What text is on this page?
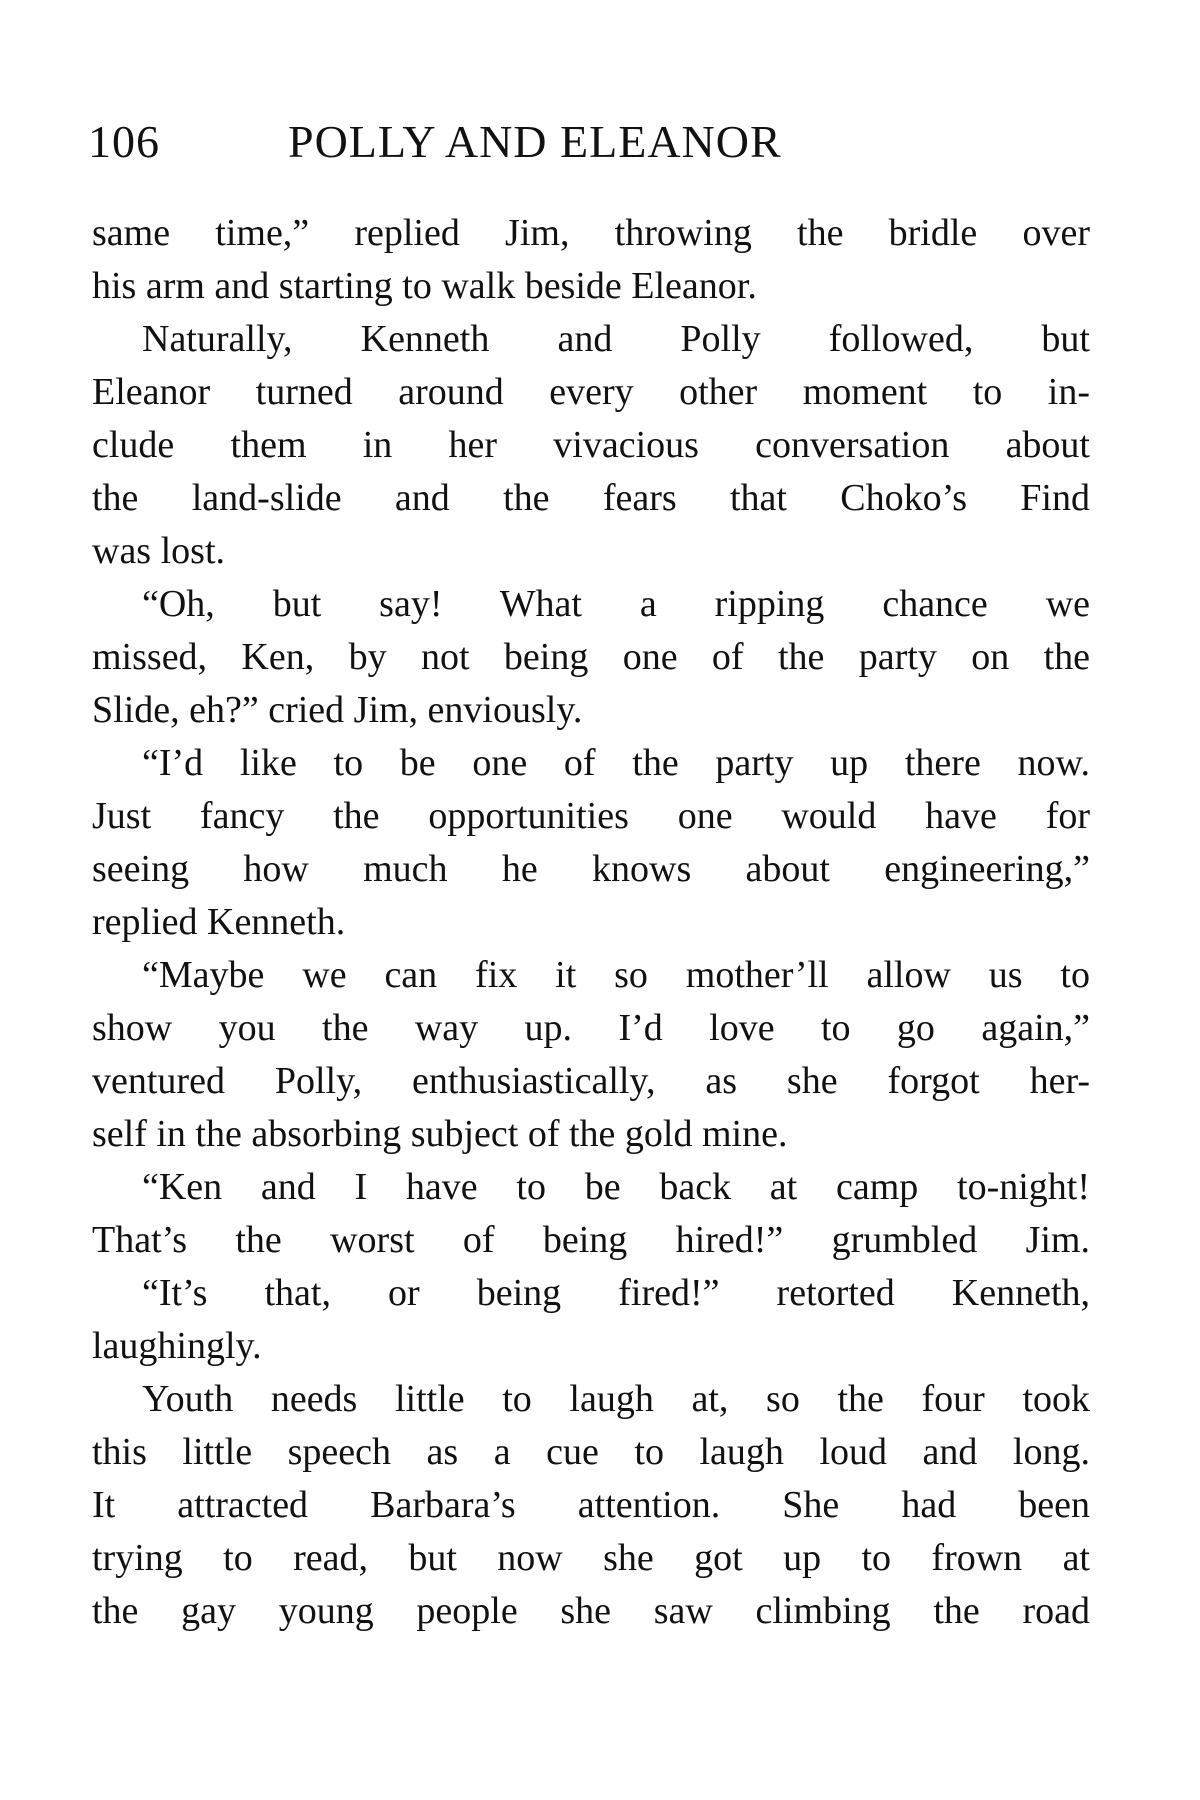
106	POLLY AND ELEANOR
same time,” replied Jim, throwing the bridle over
his arm and starting to walk beside Eleanor.
Naturally, Kenneth and Polly followed, but
Eleanor turned around every other moment to in-
clude them in her vivacious conversation about
the land-slide and the fears that Choko’s Find
was lost.
“Oh, but say! What a ripping chance we
missed, Ken, by not being one of the party on the
Slide, eh?” cried Jim, enviously.
“I’d like to be one of the party up there now.
Just fancy the opportunities one would have for
seeing how much he knows about engineering,”
replied Kenneth.
“Maybe we can fix it so mother’ll allow us to
show you the way up. I’d love to go again,”
ventured Polly, enthusiastically, as she forgot her-
self in the absorbing subject of the gold mine.
“Ken and I have to be back at camp to-night!
That’s the worst of being hired!” grumbled Jim.
“It’s that, or being fired!” retorted Kenneth,
laughingly.
Youth needs little to laugh at, so the four took
this little speech as a cue to laugh loud and long.
It attracted Barbara’s attention. She had been
trying to read, but now she got up to frown at
the gay young people she saw climbing the road
